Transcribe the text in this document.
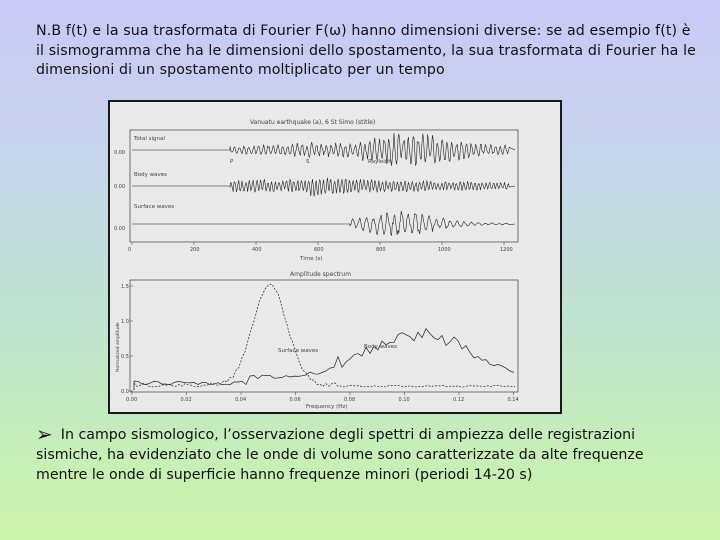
N.B f(t) e la sua trasformata di Fourier F(ω) hanno dimensioni diverse: se ad esempio f(t) è il sismogramma che ha le dimensioni dello spostamento, la sua trasformata di Fourier ha le dimensioni di un spostamento moltiplicato per un tempo
Vanuatu earthquake (a), 6 St Simo (stitle)
Total signal
Body waves
Surface waves
0.00
0.00
0.00
P	S	Rayleigh
0	200	400	600	800	1000	1200
Time (s)
Amplitude spectrum
Normalized amplitude
1.5
1.0
0.5
0.0
Surface waves
Body waves
0.00	0.02	0.04	0.06	0.08	0.10	0.12	0.14
Frequency (Hz)
➢ In campo sismologico, l’osservazione degli spettri di ampiezza delle registrazioni
sismiche, ha evidenziato che le onde di volume sono caratterizzate da alte frequenze mentre le onde di superficie hanno frequenze minori (periodi 14-20 s)
